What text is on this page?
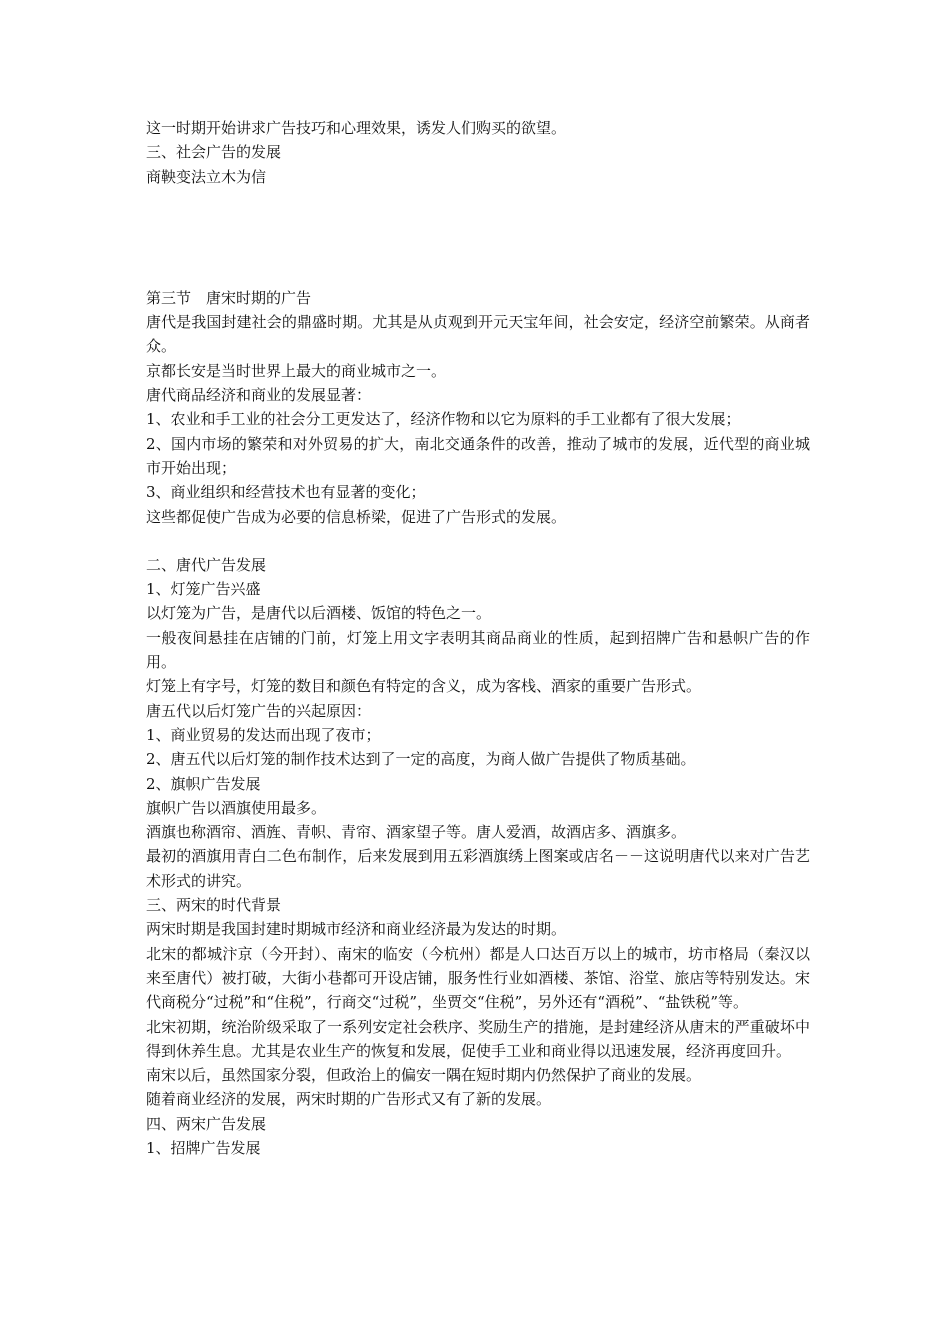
这一时期开始讲求广告技巧和心理效果，诱发人们购买的欲望。

三、社会广告的发展

商鞅变法立木为信

第三节　唐宋时期的广告

唐代是我国封建社会的鼎盛时期。尤其是从贞观到开元天宝年间，社会安定，经济空前繁荣。从商者众。

京都长安是当时世界上最大的商业城市之一。

唐代商品经济和商业的发展显著：

1、农业和手工业的社会分工更发达了，经济作物和以它为原料的手工业都有了很大发展；

2、国内市场的繁荣和对外贸易的扩大，南北交通条件的改善，推动了城市的发展，近代型的商业城市开始出现；

3、商业组织和经营技术也有显著的变化；

这些都促使广告成为必要的信息桥梁，促进了广告形式的发展。

二、唐代广告发展

1、灯笼广告兴盛

以灯笼为广告，是唐代以后酒楼、饭馆的特色之一。

一般夜间悬挂在店铺的门前，灯笼上用文字表明其商品商业的性质，起到招牌广告和悬帜广告的作用。

灯笼上有字号，灯笼的数目和颜色有特定的含义，成为客栈、酒家的重要广告形式。

唐五代以后灯笼广告的兴起原因：

1、商业贸易的发达而出现了夜市；

2、唐五代以后灯笼的制作技术达到了一定的高度，为商人做广告提供了物质基础。

2、旗帜广告发展

旗帜广告以酒旗使用最多。

酒旗也称酒帘、酒旌、青帜、青帘、酒家望子等。唐人爱酒，故酒店多、酒旗多。

最初的酒旗用青白二色布制作，后来发展到用五彩酒旗绣上图案或店名－－这说明唐代以来对广告艺术形式的讲究。

三、两宋的时代背景

两宋时期是我国封建时期城市经济和商业经济最为发达的时期。

北宋的都城汴京（今开封）、南宋的临安（今杭州）都是人口达百万以上的城市，坊市格局（秦汉以来至唐代）被打破，大街小巷都可开设店铺，服务性行业如酒楼、茶馆、浴堂、旅店等特别发达。宋代商税分“过税”和“住税”，行商交“过税”，坐贾交“住税”，另外还有“酒税”、“盐铁税”等。

北宋初期，统治阶级采取了一系列安定社会秩序、奖励生产的措施，是封建经济从唐末的严重破坏中得到休养生息。尤其是农业生产的恢复和发展，促使手工业和商业得以迅速发展，经济再度回升。

南宋以后，虽然国家分裂，但政治上的偏安一隅在短时期内仍然保护了商业的发展。

随着商业经济的发展，两宋时期的广告形式又有了新的发展。

四、两宋广告发展

1、招牌广告发展
